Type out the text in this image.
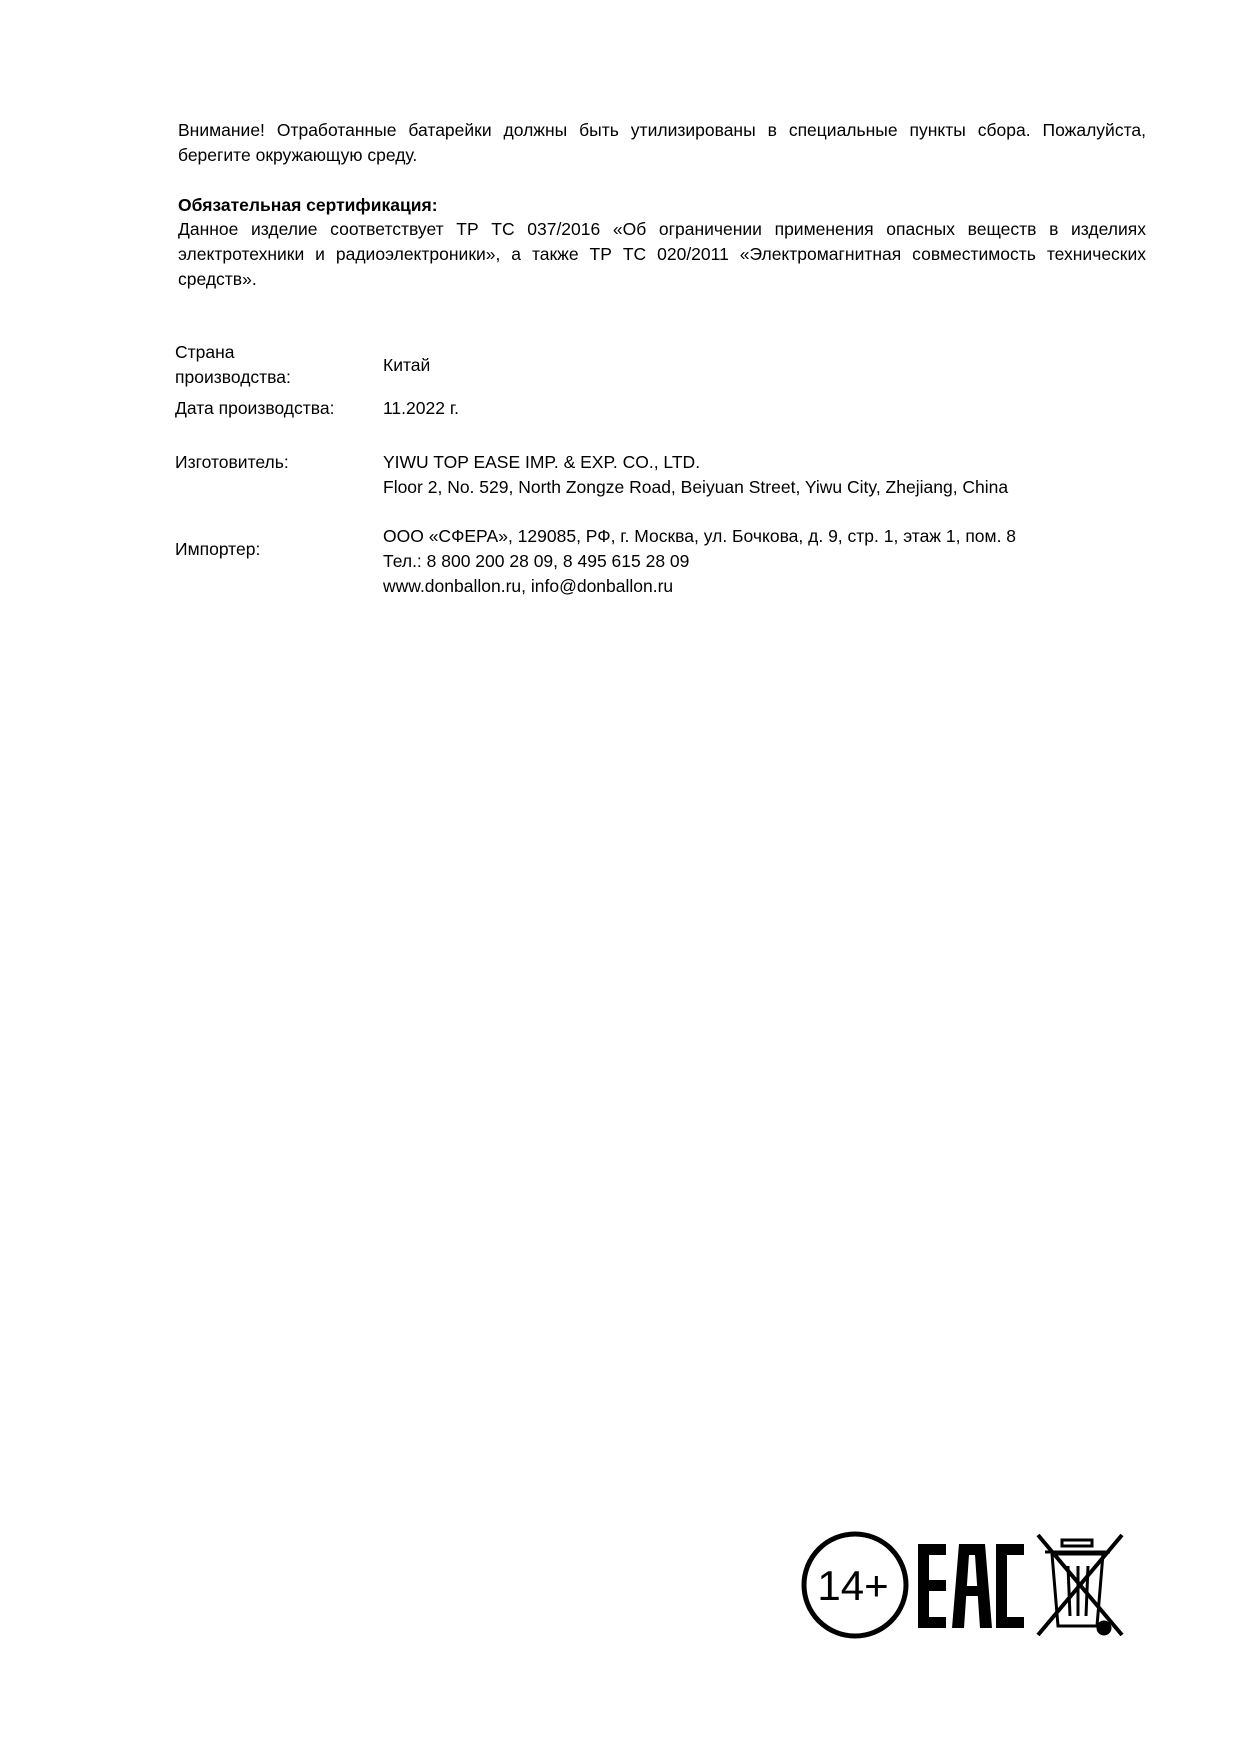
Внимание! Отработанные батарейки должны быть утилизированы в специальные пункты сбора. Пожалуйста, берегите окружающую среду.

Обязательная сертификация:

Данное изделие соответствует ТР ТС 037/2016 «Об ограничении применения опасных веществ в изделиях электротехники и радиоэлектроники», а также ТР ТС 020/2011 «Электромагнитная совместимость технических средств».

Страна

производства:

Китай

Дата производства:	11.2022 г.

Изготовитель:	YIWU TOP EASE IMP. & EXP. CO., LTD.

Floor 2, No. 529, North Zongze Road, Beiyuan Street, Yiwu City, Zhejiang, China

Импортер:

ООО «СФЕРА», 129085, РФ, г. Москва, ул. Бочкова, д. 9, стр. 1, этаж 1, пом. 8

Тел.: 8 800 200 28 09, 8 495 615 28 09

www.donballon.ru, info@donballon.ru

14+
